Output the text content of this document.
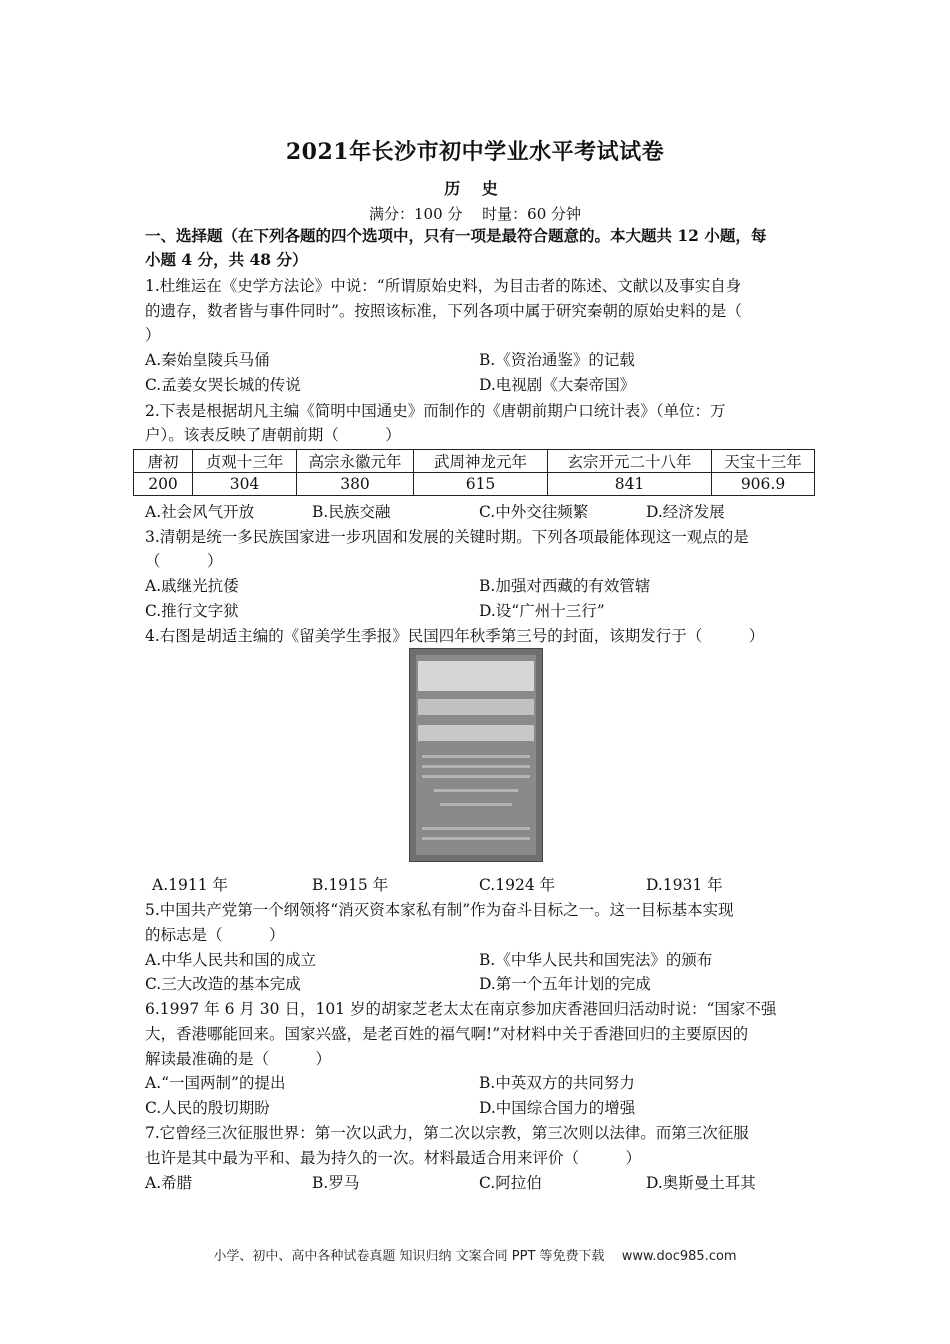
2021年长沙市初中学业水平考试试卷
历 史
满分：100 分　 时量：60 分钟
一、选择题（在下列各题的四个选项中，只有一项是最符合题意的。本大题共 12 小题，每
小题 4 分，共 48 分）
1.杜维运在《史学方法论》中说：“所谓原始史料，为目击者的陈述、文献以及事实自身
的遗存，数者皆与事件同时”。按照该标准，下列各项中属于研究秦朝的原始史料的是（
）
A.秦始皇陵兵马俑	B.《资治通鉴》的记载
C.孟姜女哭长城的传说	D.电视剧《大秦帝国》
2.下表是根据胡凡主编《简明中国通史》而制作的《唐朝前期户口统计表》（单位：万
户）。该表反映了唐朝前期（　　　）
唐初	贞观十三年	高宗永徽元年	武周神龙元年	玄宗开元二十八年	天宝十三年
200	304	380	615	841	906.9
A.社会风气开放	B.民族交融	C.中外交往频繁	D.经济发展
3.清朝是统一多民族国家进一步巩固和发展的关键时期。下列各项最能体现这一观点的是
（　　　）
A.戚继光抗倭	B.加强对西藏的有效管辖
C.推行文字狱	D.设“广州十三行”
4.右图是胡适主编的《留美学生季报》民国四年秋季第三号的封面，该期发行于（　　　）
A.1911 年	B.1915 年	C.1924 年	D.1931 年
5.中国共产党第一个纲领将“消灭资本家私有制”作为奋斗目标之一。这一目标基本实现
的标志是（　　　）
A.中华人民共和国的成立	B.《中华人民共和国宪法》的颁布
C.三大改造的基本完成	D.第一个五年计划的完成
6.1997 年 6 月 30 日，101 岁的胡家芝老太太在南京参加庆香港回归活动时说：“国家不强
大，香港哪能回来。国家兴盛，是老百姓的福气啊!”对材料中关于香港回归的主要原因的
解读最准确的是（　　　）
A.“一国两制”的提出	B.中英双方的共同努力
C.人民的殷切期盼	D.中国综合国力的增强
7.它曾经三次征服世界：第一次以武力，第二次以宗教，第三次则以法律。而第三次征服
也许是其中最为平和、最为持久的一次。材料最适合用来评价（　　　）
A.希腊	B.罗马	C.阿拉伯	D.奥斯曼土耳其
小学、初中、高中各种试卷真题 知识归纳 文案合同 PPT 等免费下载　 www.doc985.com
